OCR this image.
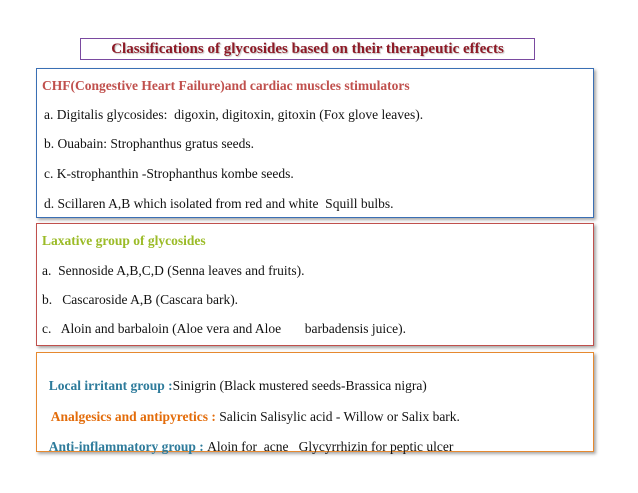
Classifications of glycosides based on their therapeutic effects
CHF(Congestive Heart Failure)and cardiac muscles stimulators
a. Digitalis glycosides:  digoxin, digitoxin, gitoxin (Fox glove leaves).
b. Ouabain: Strophanthus gratus seeds.
c. K-strophanthin -Strophanthus kombe seeds.
d. Scillaren A,B which isolated from red and white  Squill bulbs.
Laxative group of glycosides
a.  Sennoside A,B,C,D (Senna leaves and fruits).
b.   Cascaroside A,B (Cascara bark).
c.   Aloin and barbaloin (Aloe vera and Aloe       barbadensis juice).

Local irritant group :Sinigrin (Black mustered seeds-Brassica nigra)

Analgesics and antipyretics : Salicin Salisylic acid - Willow or Salix bark.

Anti-inflammatory group : Aloin for  acne   Glycyrrhizin for peptic ulcer
